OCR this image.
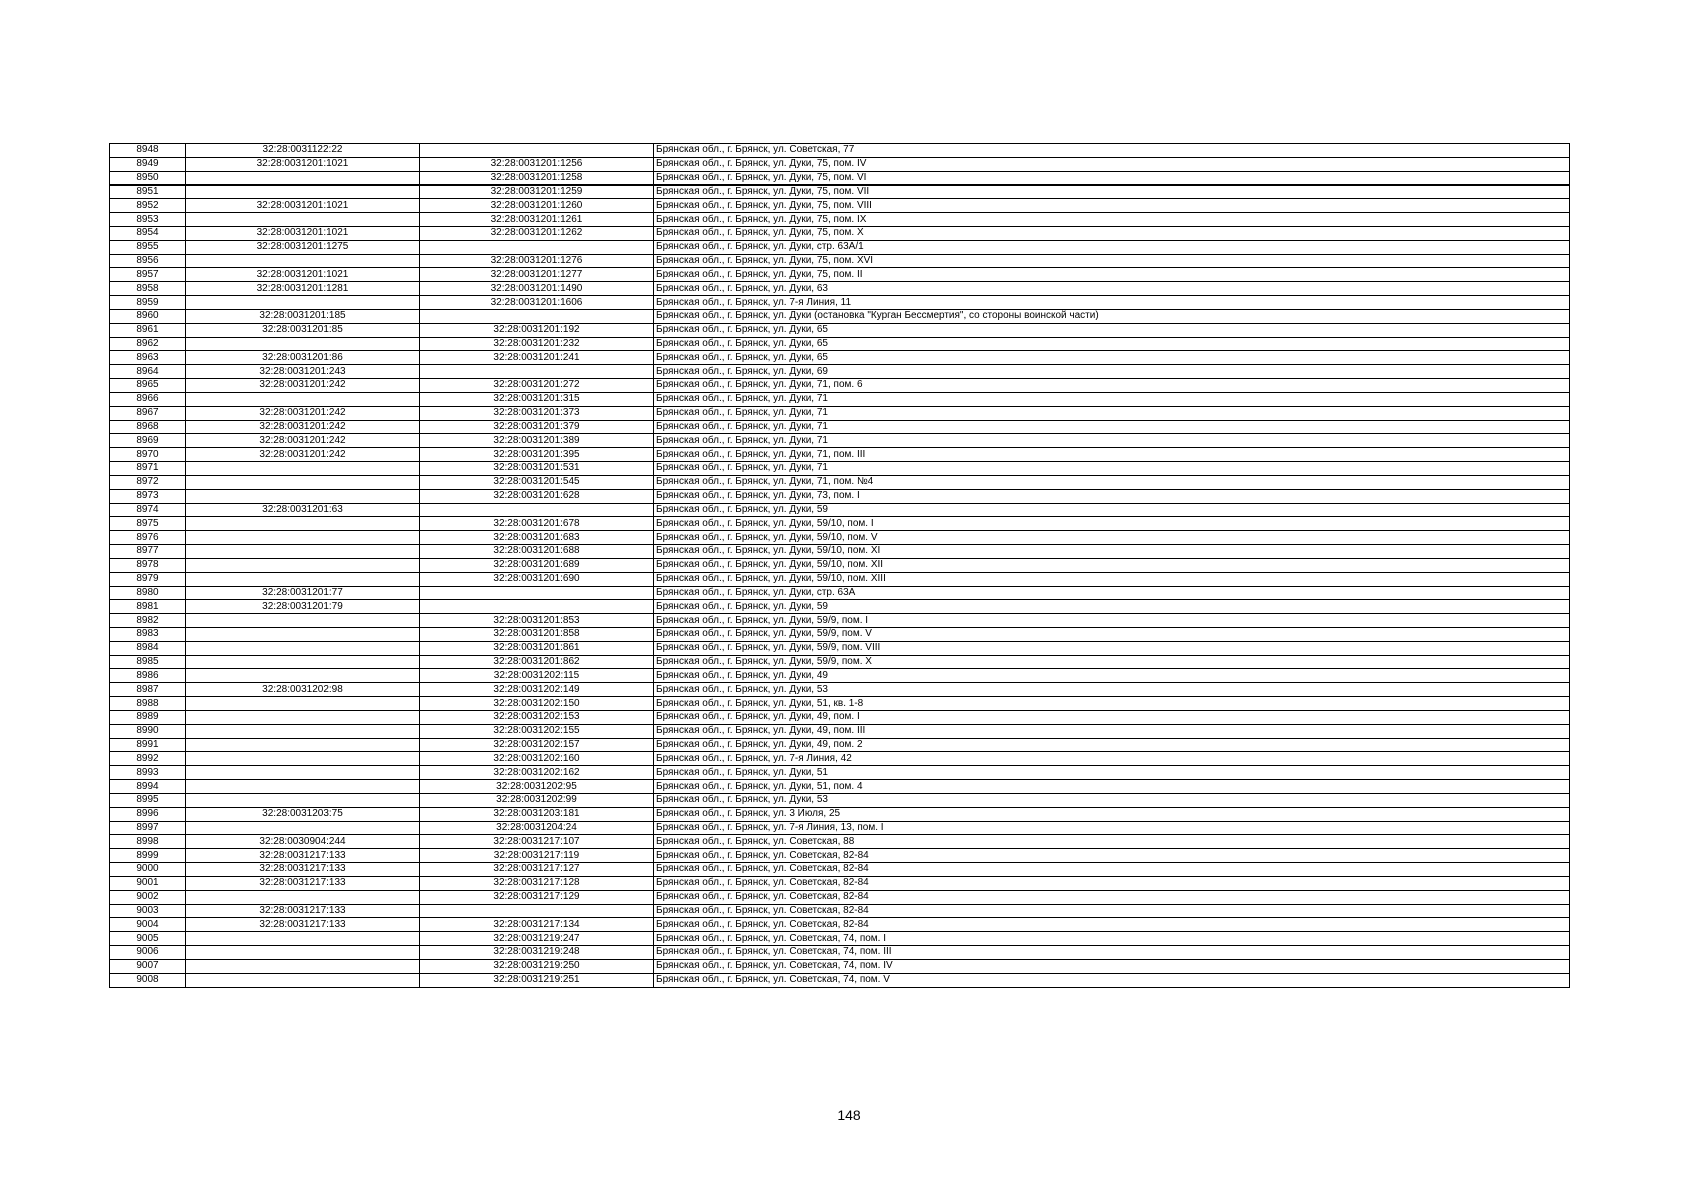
8948	32:28:0031122:22		Брянская обл., г. Брянск, ул. Советская, 77
8949	32:28:0031201:1021	32:28:0031201:1256	Брянская обл., г. Брянск, ул. Дуки, 75, пом. IV
8950		32:28:0031201:1258	Брянская обл., г. Брянск, ул. Дуки, 75, пом. VI
8951		32:28:0031201:1259	Брянская обл., г. Брянск, ул. Дуки, 75, пом. VII
8952	32:28:0031201:1021	32:28:0031201:1260	Брянская обл., г. Брянск, ул. Дуки, 75, пом. VIII
8953		32:28:0031201:1261	Брянская обл., г. Брянск, ул. Дуки, 75, пом. IX
8954	32:28:0031201:1021	32:28:0031201:1262	Брянская обл., г. Брянск, ул. Дуки, 75, пом. X
8955	32:28:0031201:1275		Брянская обл., г. Брянск, ул. Дуки, стр. 63А/1
8956		32:28:0031201:1276	Брянская обл., г. Брянск, ул. Дуки, 75, пом. XVI
8957	32:28:0031201:1021	32:28:0031201:1277	Брянская обл., г. Брянск, ул. Дуки, 75, пом. II
8958	32:28:0031201:1281	32:28:0031201:1490	Брянская обл., г. Брянск, ул. Дуки, 63
8959		32:28:0031201:1606	Брянская обл., г. Брянск, ул. 7-я Линия, 11
8960	32:28:0031201:185		Брянская обл., г. Брянск, ул. Дуки (остановка "Курган Бессмертия", со стороны воинской части)
8961	32:28:0031201:85	32:28:0031201:192	Брянская обл., г. Брянск, ул. Дуки, 65
8962		32:28:0031201:232	Брянская обл., г. Брянск, ул. Дуки, 65
8963	32:28:0031201:86	32:28:0031201:241	Брянская обл., г. Брянск, ул. Дуки, 65
8964	32:28:0031201:243		Брянская обл., г. Брянск, ул. Дуки, 69
8965	32:28:0031201:242	32:28:0031201:272	Брянская обл., г. Брянск, ул. Дуки, 71, пом. 6
8966		32:28:0031201:315	Брянская обл., г. Брянск, ул. Дуки, 71
8967	32:28:0031201:242	32:28:0031201:373	Брянская обл., г. Брянск, ул. Дуки, 71
8968	32:28:0031201:242	32:28:0031201:379	Брянская обл., г. Брянск, ул. Дуки, 71
8969	32:28:0031201:242	32:28:0031201:389	Брянская обл., г. Брянск, ул. Дуки, 71
8970	32:28:0031201:242	32:28:0031201:395	Брянская обл., г. Брянск, ул. Дуки, 71, пом. III
8971		32:28:0031201:531	Брянская обл., г. Брянск, ул. Дуки, 71
8972		32:28:0031201:545	Брянская обл., г. Брянск, ул. Дуки, 71, пом. №4
8973		32:28:0031201:628	Брянская обл., г. Брянск, ул. Дуки, 73, пом. I
8974	32:28:0031201:63		Брянская обл., г. Брянск, ул. Дуки, 59
8975		32:28:0031201:678	Брянская обл., г. Брянск, ул. Дуки, 59/10, пом. I
8976		32:28:0031201:683	Брянская обл., г. Брянск, ул. Дуки, 59/10, пом. V
8977		32:28:0031201:688	Брянская обл., г. Брянск, ул. Дуки, 59/10, пом. XI
8978		32:28:0031201:689	Брянская обл., г. Брянск, ул. Дуки, 59/10, пом. XII
8979		32:28:0031201:690	Брянская обл., г. Брянск, ул. Дуки, 59/10, пом. XIII
8980	32:28:0031201:77		Брянская обл., г. Брянск, ул. Дуки, стр. 63А
8981	32:28:0031201:79		Брянская обл., г. Брянск, ул. Дуки, 59
8982		32:28:0031201:853	Брянская обл., г. Брянск, ул. Дуки, 59/9, пом. I
8983		32:28:0031201:858	Брянская обл., г. Брянск, ул. Дуки, 59/9, пом. V
8984		32:28:0031201:861	Брянская обл., г. Брянск, ул. Дуки, 59/9, пом. VIII
8985		32:28:0031201:862	Брянская обл., г. Брянск, ул. Дуки, 59/9, пом. X
8986		32:28:0031202:115	Брянская обл., г. Брянск, ул. Дуки, 49
8987	32:28:0031202:98	32:28:0031202:149	Брянская обл., г. Брянск, ул. Дуки, 53
8988		32:28:0031202:150	Брянская обл., г. Брянск, ул. Дуки, 51, кв. 1-8
8989		32:28:0031202:153	Брянская обл., г. Брянск, ул. Дуки, 49, пом. I
8990		32:28:0031202:155	Брянская обл., г. Брянск, ул. Дуки, 49, пом. III
8991		32:28:0031202:157	Брянская обл., г. Брянск, ул. Дуки, 49, пом. 2
8992		32:28:0031202:160	Брянская обл., г. Брянск, ул. 7-я Линия, 42
8993		32:28:0031202:162	Брянская обл., г. Брянск, ул. Дуки, 51
8994		32:28:0031202:95	Брянская обл., г. Брянск, ул. Дуки, 51, пом. 4
8995		32:28:0031202:99	Брянская обл., г. Брянск, ул. Дуки, 53
8996	32:28:0031203:75	32:28:0031203:181	Брянская обл., г. Брянск, ул. 3 Июля, 25
8997		32:28:0031204:24	Брянская обл., г. Брянск, ул. 7-я Линия, 13, пом. I
8998	32:28:0030904:244	32:28:0031217:107	Брянская обл., г. Брянск, ул. Советская, 88
8999	32:28:0031217:133	32:28:0031217:119	Брянская обл., г. Брянск, ул. Советская, 82-84
9000	32:28:0031217:133	32:28:0031217:127	Брянская обл., г. Брянск, ул. Советская, 82-84
9001	32:28:0031217:133	32:28:0031217:128	Брянская обл., г. Брянск, ул. Советская, 82-84
9002		32:28:0031217:129	Брянская обл., г. Брянск, ул. Советская, 82-84
9003	32:28:0031217:133		Брянская обл., г. Брянск, ул. Советская, 82-84
9004	32:28:0031217:133	32:28:0031217:134	Брянская обл., г. Брянск, ул. Советская, 82-84
9005		32:28:0031219:247	Брянская обл., г. Брянск, ул. Советская, 74, пом. I
9006		32:28:0031219:248	Брянская обл., г. Брянск, ул. Советская, 74, пом. III
9007		32:28:0031219:250	Брянская обл., г. Брянск, ул. Советская, 74, пом. IV
9008		32:28:0031219:251	Брянская обл., г. Брянск, ул. Советская, 74, пом. V
148
